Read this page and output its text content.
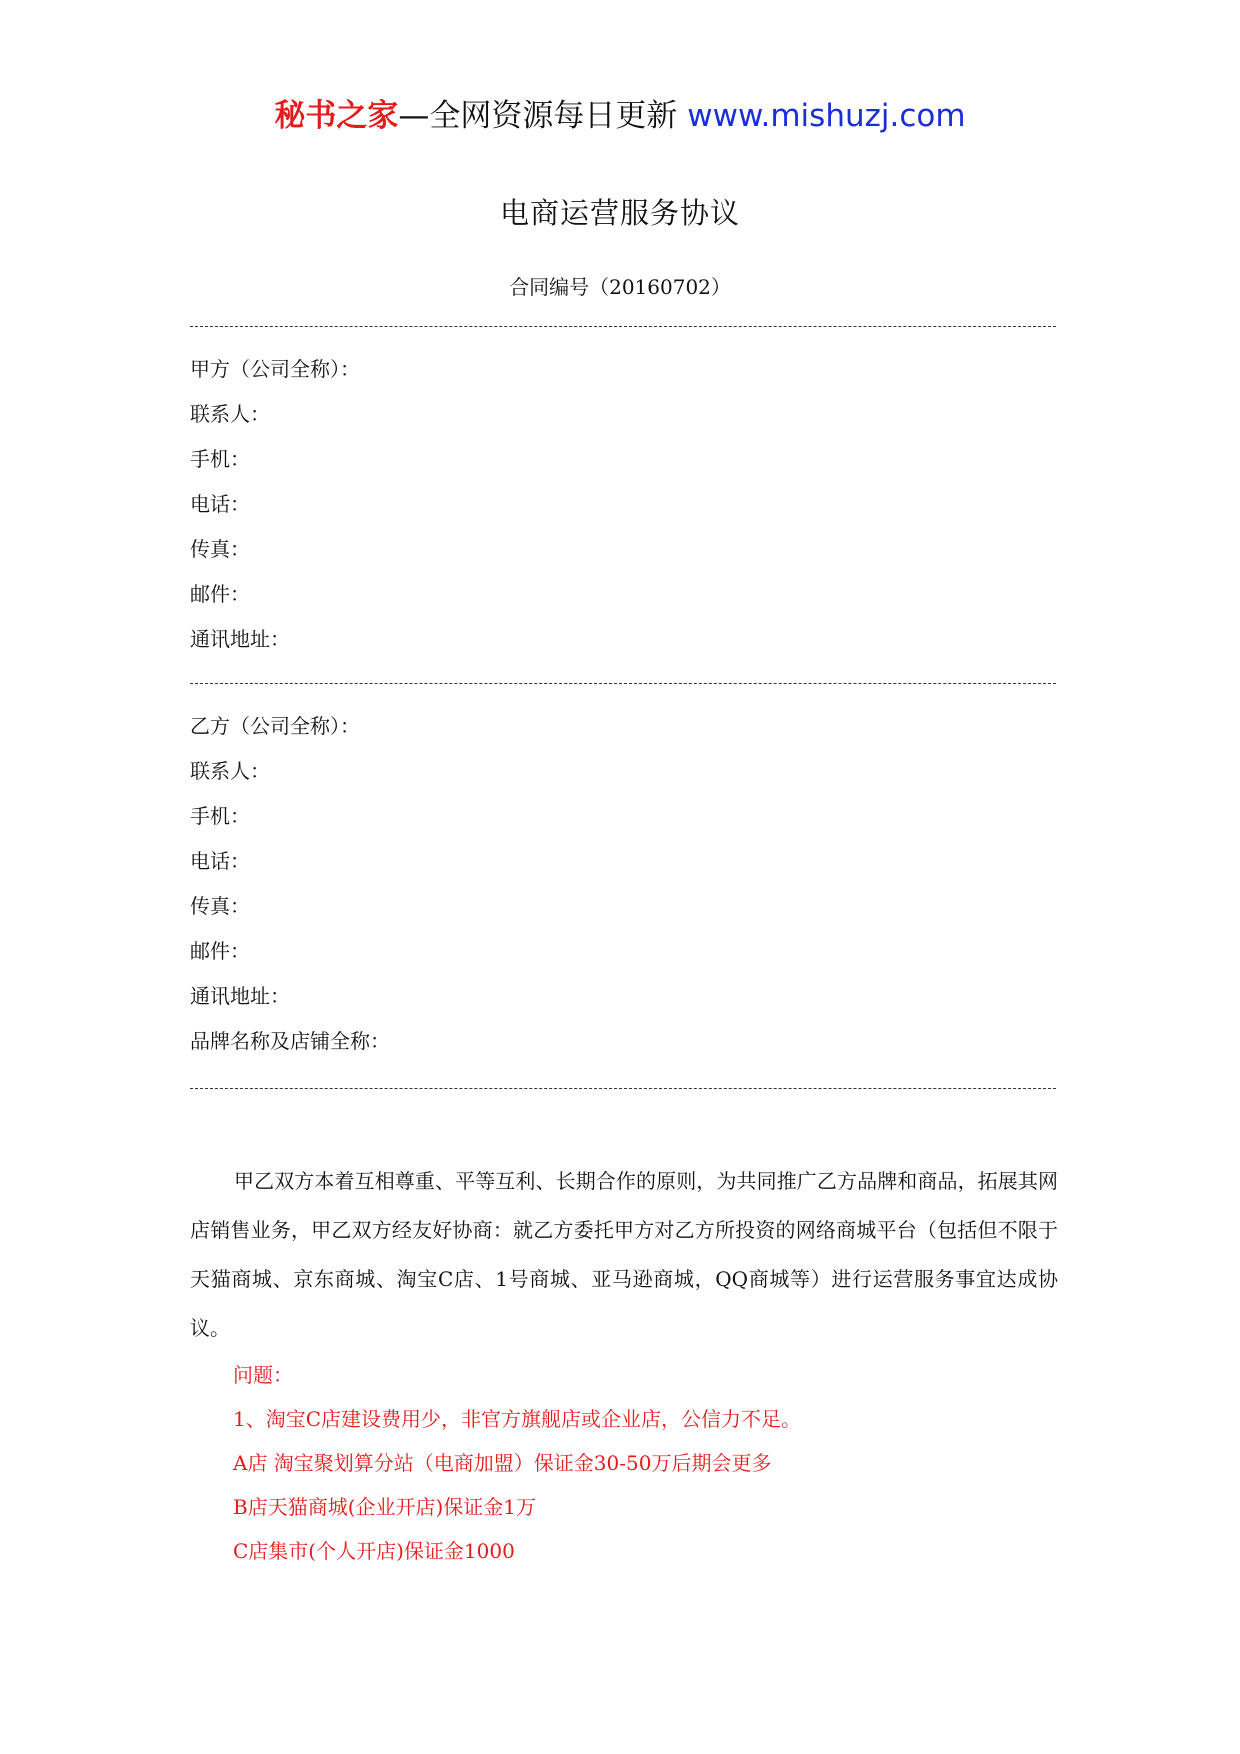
秘书之家—全网资源每日更新 www.mishuzj.com
电商运营服务协议
合同编号（20160702）
甲方（公司全称）：
联系人：
手机：
电话：
传真：
邮件：
通讯地址：
乙方（公司全称）：
联系人：
手机：
电话：
传真：
邮件：
通讯地址：
品牌名称及店铺全称：
甲乙双方本着互相尊重、平等互利、长期合作的原则，为共同推广乙方品牌和商品，拓展其网店销售业务，甲乙双方经友好协商：就乙方委托甲方对乙方所投资的网络商城平台（包括但不限于天猫商城、京东商城、淘宝C店、1号商城、亚马逊商城，QQ商城等）进行运营服务事宜达成协议。
问题：
1、淘宝C店建设费用少，非官方旗舰店或企业店，公信力不足。
A店 淘宝聚划算分站（电商加盟）保证金30-50万后期会更多
B店天猫商城(企业开店)保证金1万
C店集市(个人开店)保证金1000
